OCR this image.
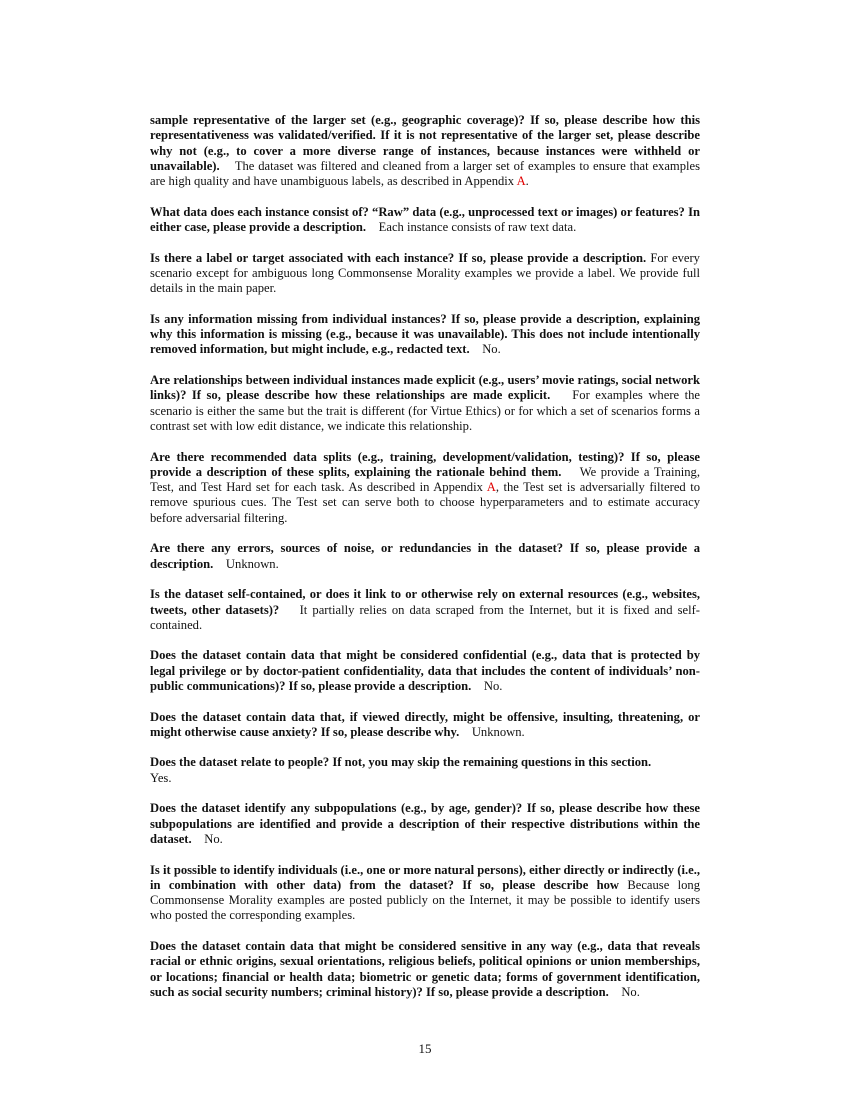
sample representative of the larger set (e.g., geographic coverage)? If so, please describe how this representativeness was validated/verified. If it is not representative of the larger set, please describe why not (e.g., to cover a more diverse range of instances, because instances were withheld or unavailable). The dataset was filtered and cleaned from a larger set of examples to ensure that examples are high quality and have unambiguous labels, as described in Appendix A.

What data does each instance consist of? “Raw” data (e.g., unprocessed text or images) or features? In either case, please provide a description. Each instance consists of raw text data.

Is there a label or target associated with each instance? If so, please provide a description. For every scenario except for ambiguous long Commonsense Morality examples we provide a label. We provide full details in the main paper.

Is any information missing from individual instances? If so, please provide a description, explaining why this information is missing (e.g., because it was unavailable). This does not include intentionally removed information, but might include, e.g., redacted text. No.

Are relationships between individual instances made explicit (e.g., users’ movie ratings, social network links)? If so, please describe how these relationships are made explicit. For examples where the scenario is either the same but the trait is different (for Virtue Ethics) or for which a set of scenarios forms a contrast set with low edit distance, we indicate this relationship.

Are there recommended data splits (e.g., training, development/validation, testing)? If so, please provide a description of these splits, explaining the rationale behind them. We provide a Training, Test, and Test Hard set for each task. As described in Appendix A, the Test set is adversarially filtered to remove spurious cues. The Test set can serve both to choose hyperparameters and to estimate accuracy before adversarial filtering.

Are there any errors, sources of noise, or redundancies in the dataset? If so, please provide a description. Unknown.

Is the dataset self-contained, or does it link to or otherwise rely on external resources (e.g., websites, tweets, other datasets)? It partially relies on data scraped from the Internet, but it is fixed and self-contained.

Does the dataset contain data that might be considered confidential (e.g., data that is protected by legal privilege or by doctor-patient confidentiality, data that includes the content of individuals’ non-public communications)? If so, please provide a description. No.

Does the dataset contain data that, if viewed directly, might be offensive, insulting, threatening, or might otherwise cause anxiety? If so, please describe why. Unknown.

Does the dataset relate to people? If not, you may skip the remaining questions in this section.
Yes.

Does the dataset identify any subpopulations (e.g., by age, gender)? If so, please describe how these subpopulations are identified and provide a description of their respective distributions within the dataset. No.

Is it possible to identify individuals (i.e., one or more natural persons), either directly or indirectly (i.e., in combination with other data) from the dataset? If so, please describe how Because long Commonsense Morality examples are posted publicly on the Internet, it may be possible to identify users who posted the corresponding examples.

Does the dataset contain data that might be considered sensitive in any way (e.g., data that reveals racial or ethnic origins, sexual orientations, religious beliefs, political opinions or union memberships, or locations; financial or health data; biometric or genetic data; forms of government identification, such as social security numbers; criminal history)? If so, please provide a description. No.

15
